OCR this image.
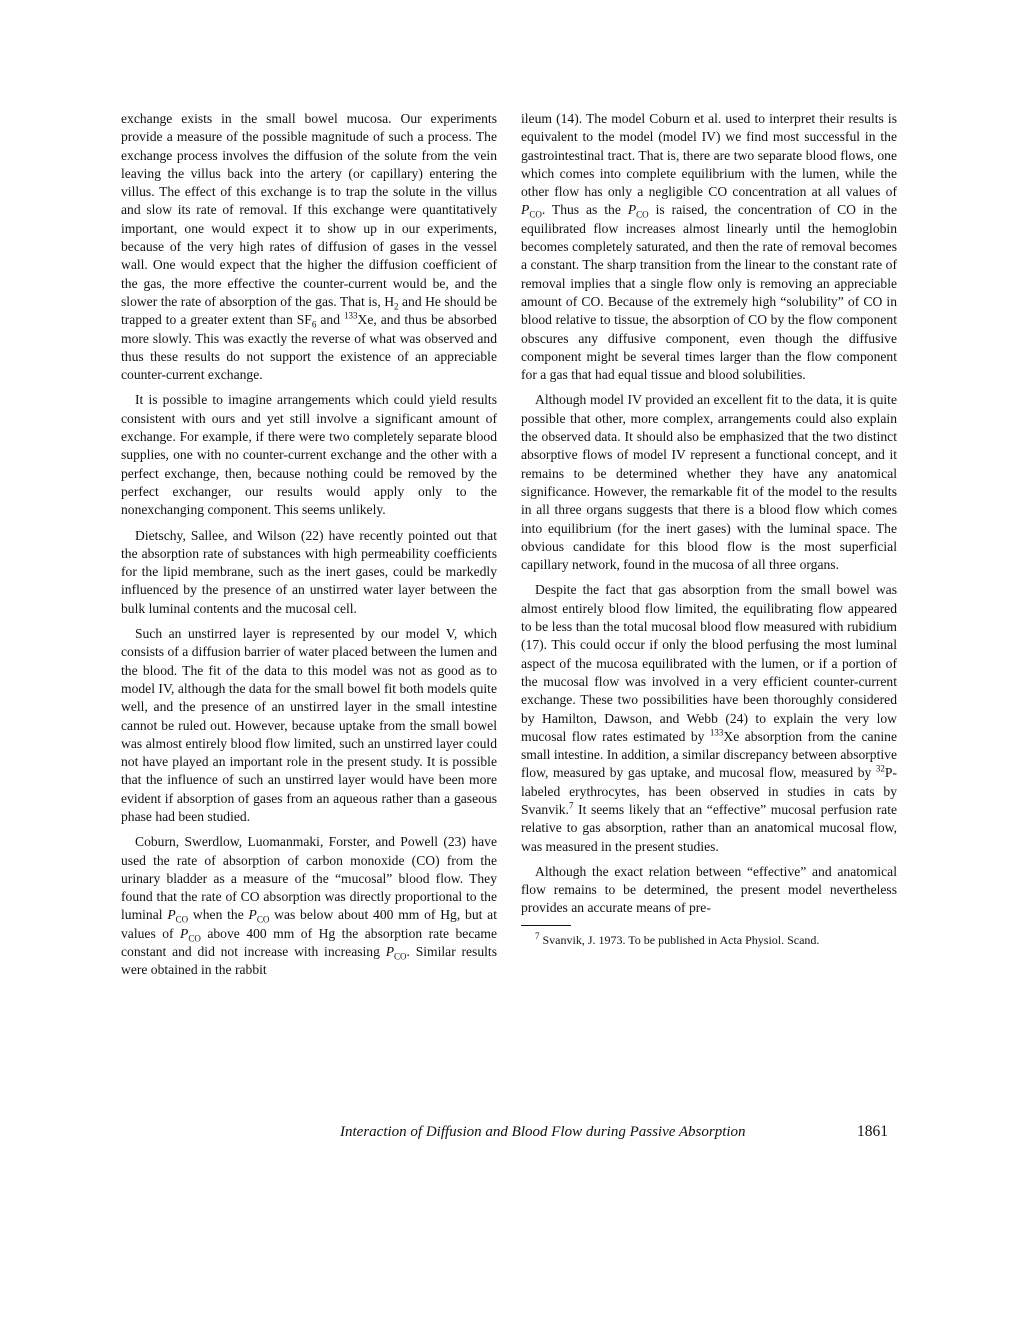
exchange exists in the small bowel mucosa. Our experiments provide a measure of the possible magnitude of such a process. The exchange process involves the diffusion of the solute from the vein leaving the villus back into the artery (or capillary) entering the villus. The effect of this exchange is to trap the solute in the villus and slow its rate of removal. If this exchange were quantitatively important, one would expect it to show up in our experiments, because of the very high rates of diffusion of gases in the vessel wall. One would expect that the higher the diffusion coefficient of the gas, the more effective the counter-current would be, and the slower the rate of absorption of the gas. That is, $H_2$ and He should be trapped to a greater extent than $SF_6$ and $^{133}$Xe, and thus be absorbed more slowly. This was exactly the reverse of what was observed and thus these results do not support the existence of an appreciable counter-current exchange.

It is possible to imagine arrangements which could yield results consistent with ours and yet still involve a significant amount of exchange. For example, if there were two completely separate blood supplies, one with no counter-current exchange and the other with a perfect exchange, then, because nothing could be removed by the perfect exchanger, our results would apply only to the nonexchanging component. This seems unlikely.

Dietschy, Sallee, and Wilson (22) have recently pointed out that the absorption rate of substances with high permeability coefficients for the lipid membrane, such as the inert gases, could be markedly influenced by the presence of an unstirred water layer between the bulk luminal contents and the mucosal cell.

Such an unstirred layer is represented by our model V, which consists of a diffusion barrier of water placed between the lumen and the blood. The fit of the data to this model was not as good as to model IV, although the data for the small bowel fit both models quite well, and the presence of an unstirred layer in the small intestine cannot be ruled out. However, because uptake from the small bowel was almost entirely blood flow limited, such an unstirred layer could not have played an important role in the present study. It is possible that the influence of such an unstirred layer would have been more evident if absorption of gases from an aqueous rather than a gaseous phase had been studied.

Coburn, Swerdlow, Luomanmaki, Forster, and Powell (23) have used the rate of absorption of carbon monoxide (CO) from the urinary bladder as a measure of the “mucosal” blood flow. They found that the rate of CO absorption was directly proportional to the luminal $P_{CO}$ when the $P_{CO}$ was below about 400 mm of Hg, but at values of $P_{CO}$ above 400 mm of Hg the absorption rate became constant and did not increase with increasing $P_{CO}$. Similar results were obtained in the rabbit

ileum (14). The model Coburn et al. used to interpret their results is equivalent to the model (model IV) we find most successful in the gastrointestinal tract. That is, there are two separate blood flows, one which comes into complete equilibrium with the lumen, while the other flow has only a negligible CO concentration at all values of $P_{CO}$. Thus as the $P_{CO}$ is raised, the concentration of CO in the equilibrated flow increases almost linearly until the hemoglobin becomes completely saturated, and then the rate of removal becomes a constant. The sharp transition from the linear to the constant rate of removal implies that a single flow only is removing an appreciable amount of CO. Because of the extremely high “solubility” of CO in blood relative to tissue, the absorption of CO by the flow component obscures any diffusive component, even though the diffusive component might be several times larger than the flow component for a gas that had equal tissue and blood solubilities.

Although model IV provided an excellent fit to the data, it is quite possible that other, more complex, arrangements could also explain the observed data. It should also be emphasized that the two distinct absorptive flows of model IV represent a functional concept, and it remains to be determined whether they have any anatomical significance. However, the remarkable fit of the model to the results in all three organs suggests that there is a blood flow which comes into equilibrium (for the inert gases) with the luminal space. The obvious candidate for this blood flow is the most superficial capillary network, found in the mucosa of all three organs.

Despite the fact that gas absorption from the small bowel was almost entirely blood flow limited, the equilibrating flow appeared to be less than the total mucosal blood flow measured with rubidium (17). This could occur if only the blood perfusing the most luminal aspect of the mucosa equilibrated with the lumen, or if a portion of the mucosal flow was involved in a very efficient counter-current exchange. These two possibilities have been thoroughly considered by Hamilton, Dawson, and Webb (24) to explain the very low mucosal flow rates estimated by $^{133}$Xe absorption from the canine small intestine. In addition, a similar discrepancy between absorptive flow, measured by gas uptake, and mucosal flow, measured by $^{32}$P-labeled erythrocytes, has been observed in studies in cats by Svanvik.$^7$ It seems likely that an “effective” mucosal perfusion rate relative to gas absorption, rather than an anatomical mucosal flow, was measured in the present studies.

Although the exact relation between “effective” and anatomical flow remains to be determined, the present model nevertheless provides an accurate means of pre-

$^7$ Svanvik, J. 1973. To be published in Acta Physiol. Scand.

Interaction of Diffusion and Blood Flow during Passive Absorption	1861
